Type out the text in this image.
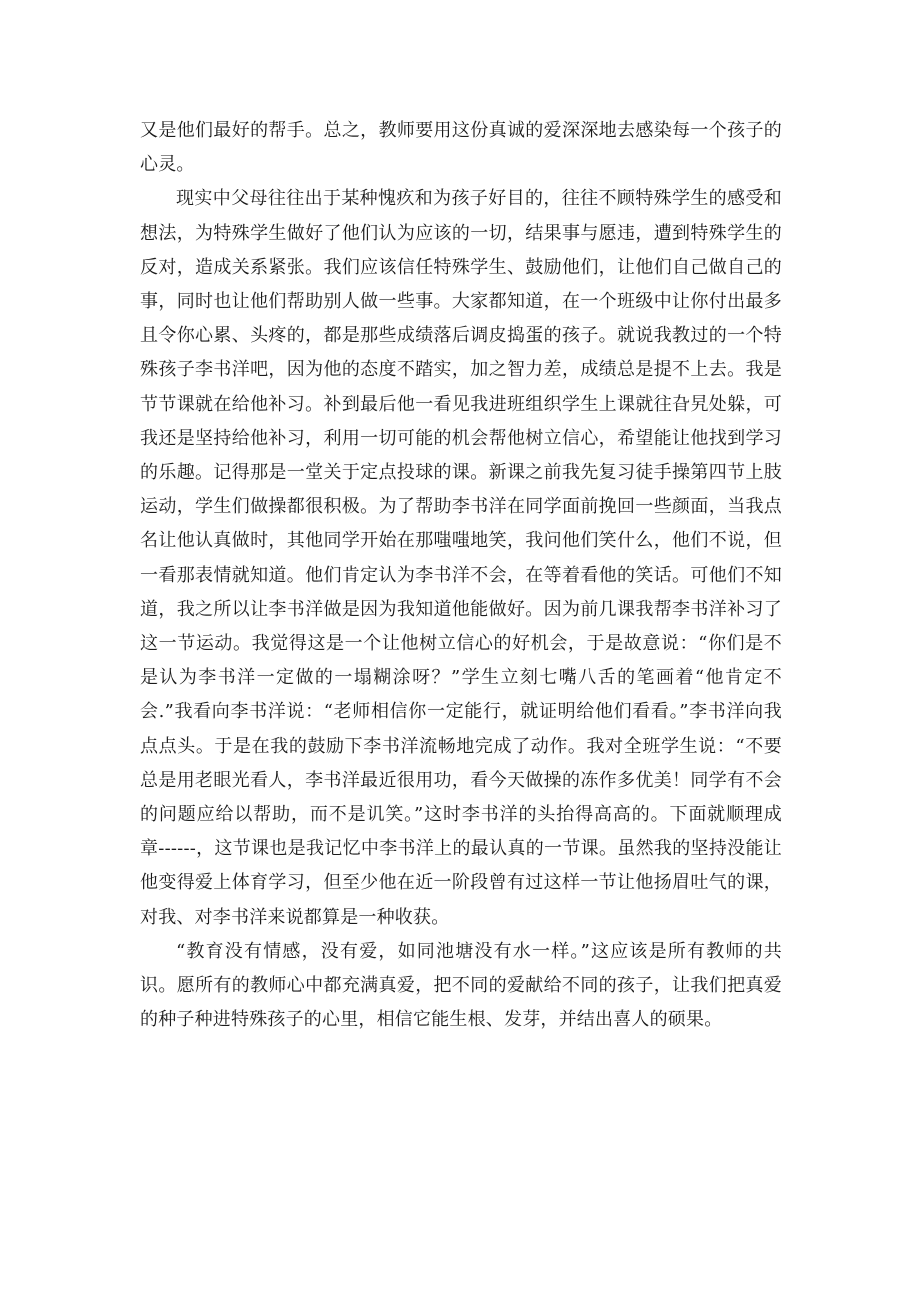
又是他们最好的帮手。总之，教师要用这份真诚的爱深深地去感染每一个孩子的心灵。

现实中父母往往出于某种愧疚和为孩子好目的，往往不顾特殊学生的感受和想法，为特殊学生做好了他们认为应该的一切，结果事与愿违，遭到特殊学生的反对，造成关系紧张。我们应该信任特殊学生、鼓励他们，让他们自己做自己的事，同时也让他们帮助别人做一些事。大家都知道，在一个班级中让你付出最多且令你心累、头疼的，都是那些成绩落后调皮捣蛋的孩子。就说我教过的一个特殊孩子李书洋吧，因为他的态度不踏实，加之智力差，成绩总是提不上去。我是节节课就在给他补习。补到最后他一看见我进班组织学生上课就往旮旯处躲，可我还是坚持给他补习，利用一切可能的机会帮他树立信心，希望能让他找到学习的乐趣。记得那是一堂关于定点投球的课。新课之前我先复习徒手操第四节上肢运动，学生们做操都很积极。为了帮助李书洋在同学面前挽回一些颜面，当我点名让他认真做时，其他同学开始在那嗤嗤地笑，我问他们笑什么，他们不说，但一看那表情就知道。他们肯定认为李书洋不会，在等着看他的笑话。可他们不知道，我之所以让李书洋做是因为我知道他能做好。因为前几课我帮李书洋补习了这一节运动。我觉得这是一个让他树立信心的好机会，于是故意说：“你们是不是认为李书洋一定做的一塌糊涂呀？”学生立刻七嘴八舌的笔画着“他肯定不会.”我看向李书洋说：“老师相信你一定能行，就证明给他们看看。”李书洋向我点点头。于是在我的鼓励下李书洋流畅地完成了动作。我对全班学生说：“不要总是用老眼光看人，李书洋最近很用功，看今天做操的冻作多优美！同学有不会的问题应给以帮助，而不是讥笑。”这时李书洋的头抬得高高的。下面就顺理成章------，这节课也是我记忆中李书洋上的最认真的一节课。虽然我的坚持没能让他变得爱上体育学习，但至少他在近一阶段曾有过这样一节让他扬眉吐气的课，对我、对李书洋来说都算是一种收获。

“教育没有情感，没有爱，如同池塘没有水一样。”这应该是所有教师的共识。愿所有的教师心中都充满真爱，把不同的爱献给不同的孩子，让我们把真爱的种子种进特殊孩子的心里，相信它能生根、发芽，并结出喜人的硕果。
